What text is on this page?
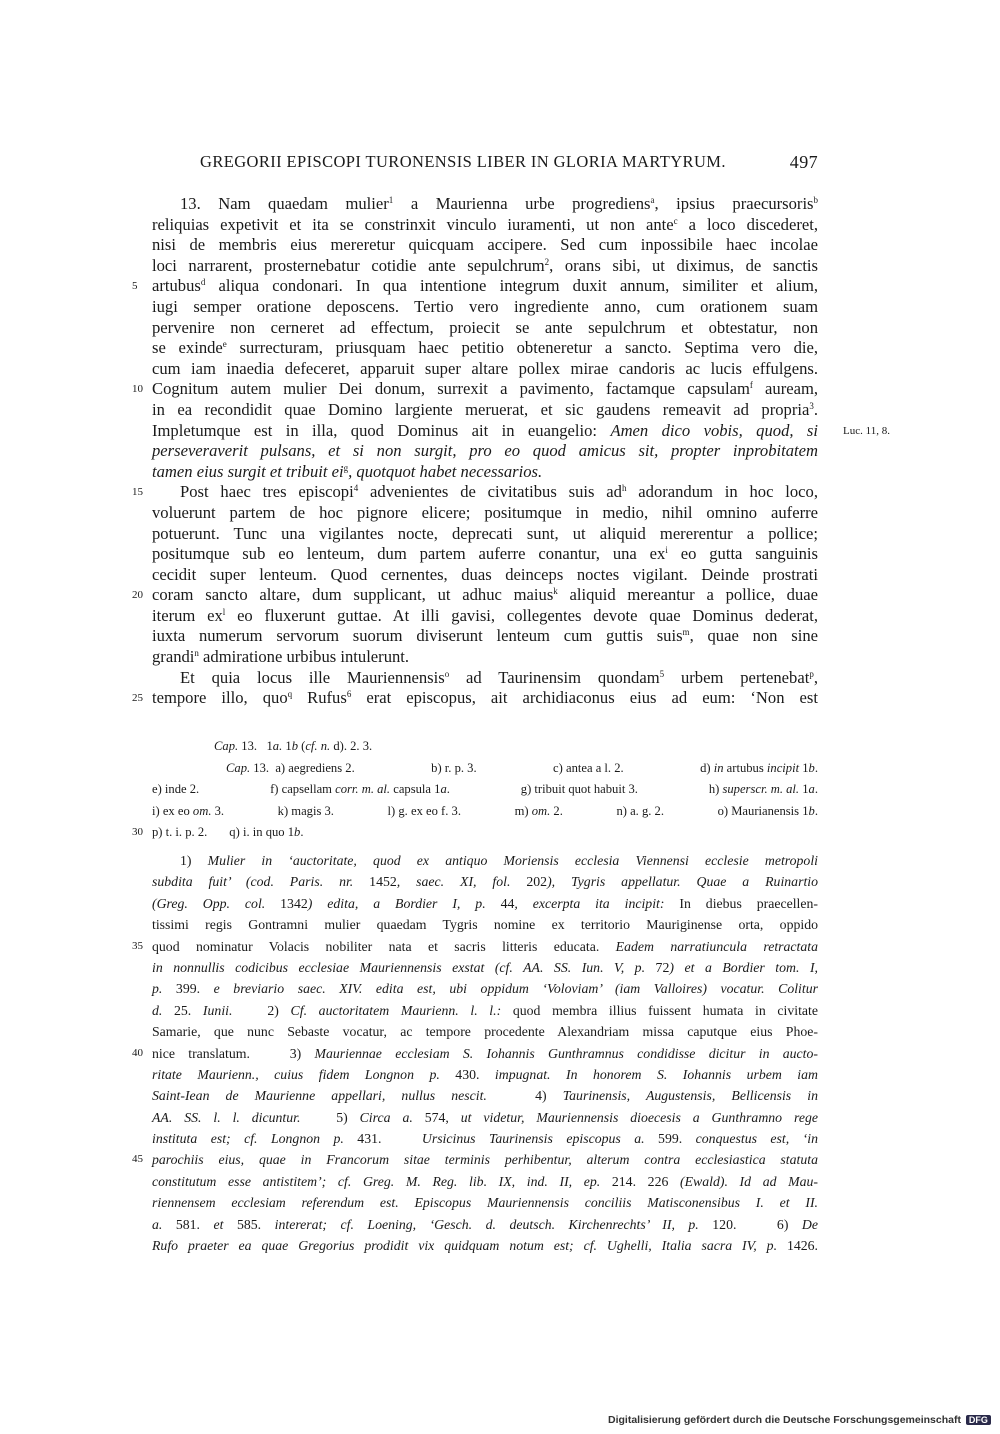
GREGORII EPISCOPI TURONENSIS LIBER IN GLORIA MARTYRUM.	497
13. Nam quaedam mulier$^1$ a Maurienna urbe progrediens$^a$, ipsius praecursoris$^b$
reliquias expetivit et ita se constrinxit vinculo iuramenti, ut non ante$^c$ a loco discederet,
nisi de membris eius mereretur quicquam accipere. Sed cum inpossibile haec incolae
loci narrarent, prosternebatur cotidie ante sepulchrum$^2$, orans sibi, ut diximus, de sanctis
5 artubus$^d$ aliqua condonari. In qua intentione integrum duxit annum, similiter et alium,
iugi semper oratione deposcens. Tertio vero ingrediente anno, cum orationem suam
pervenire non cerneret ad effectum, proiecit se ante sepulchrum et obtestatur, non
se exinde$^e$ surrecturam, priusquam haec petitio obteneretur a sancto. Septima vero die,
cum iam inaedia defeceret, apparuit super altare pollex mirae candoris ac lucis effulgens.
10 Cognitum autem mulier Dei donum, surrexit a pavimento, factamque capsulam$^f$ auream,
in ea recondidit quae Domino largiente meruerat, et sic gaudens remeavit ad propria$^3$.
Impletumque est in illa, quod Dominus ait in euangelio: Amen dico vobis, quod, si Luc. 11, 8.
perseveraverit pulsans, et si non surgit, pro eo quod amicus sit, propter inprobitatem
tamen eius surgit et tribuit $ei^g$, quotquot habet necessarios.
15	Post haec tres episcopi$^4$ advenientes de civitatibus suis $ad^h$ adorandum in hoc loco,
voluerunt partem de hoc pignore elicere; positumque in medio, nihil omnino auferre
potuerunt. Tunc una vigilantes nocte, deprecati sunt, ut aliquid mererentur a pollice;
positumque sub eo lenteum, dum partem auferre conantur, una $ex^i$ eo gutta sanguinis
cecidit super lenteum. Quod cernentes, duas deinceps noctes vigilant. Deinde prostrati
20 coram sancto altare, dum supplicant, ut adhuc maius$^k$ aliquid mereantur a pollice, duae
iterum $ex^l$ eo fluxerunt guttae. At illi gavisi, collegentes devote quae Dominus dederat,
iuxta numerum servorum suorum diviserunt lenteum cum guttis suis$^m$, quae non sine
grandi$^n$ admiratione urbibus intulerunt.
Et quia locus ille Mauriennensis$^o$ ad Taurinensim quondam$^5$ urbem pertenebat$^p$,
25 tempore illo, quo$^q$ Rufus$^6$ erat episcopus, ait archidiaconus eius ad eum: ‘Non est
Cap. 13.   1a. 1b (cf. n. d). 2. 3.
Cap. 13.  a) aegrediens 2.	b) r. p. 3.	c) antea a l. 2.	d) in artubus incipit 1b.
e) inde 2.	f) capsellam corr. m. al. capsula 1a.	g) tribuit quot habuit 3.	h) superscr. m. al. 1a.
i) ex eo om. 3.	k) magis 3.	l) g. ex eo f. 3.	m) om. 2.	n) a. g. 2.	o) Maurianensis 1b.
30 p) t. i. p. 2.       q) i. in quo 1b.
1) Mulier in ‘auctoritate, quod ex antiquo Moriensis ecclesia Viennensi ecclesie metropoli
subdita fuit’ (cod. Paris. nr. 1452, saec. XI, fol. 202), Tygris appellatur. Quae a Ruinartio
(Greg. Opp. col. 1342) edita, a Bordier I, p. 44, excerpta ita incipit: In diebus praecellen-
tissimi regis Gontramni mulier quaedam Tygris nomine ex territorio Mauriginense orta, oppido
35 quod nominatur Volacis nobiliter nata et sacris litteris educata. Eadem narratiuncula retractata
in nonnullis codicibus ecclesiae Mauriennensis exstat (cf. AA. SS. Iun. V, p. 72) et a Bordier tom. I,
p. 399. e breviario saec. XIV. edita est, ubi oppidum ‘Voloviam’ (iam Valloires) vocatur. Colitur
d. 25. Iunii.   2) Cf. auctoritatem Maurienn. l. l.: quod membra illius fuissent humata in civitate
Samarie, que nunc Sebaste vocatur, ac tempore procedente Alexandriam missa caputque eius Phoe-
40 nice translatum.   3) Mauriennae ecclesiam S. Iohannis Gunthramnus condidisse dicitur in aucto-
ritate Maurienn., cuius fidem Longnon p. 430. impugnat. In honorem S. Iohannis urbem iam
Saint-Iean de Maurienne appellari, nullus nescit.   4) Taurinensis, Augustensis, Bellicensis in
AA. SS. l. l. dicuntur.   5) Circa a. 574, ut videtur, Mauriennensis dioecesis a Gunthramno rege
instituta est; cf. Longnon p. 431.   Ursicinus Taurinensis episcopus a. 599. conquestus est, ‘in
45 parochiis eius, quae in Francorum sitae terminis perhibentur, alterum contra ecclesiastica statuta
constitutum esse antistitem’; cf. Greg. M. Reg. lib. IX, ind. II, ep. 214. 226 (Ewald). Id ad Mau-
riennensem ecclesiam referendum est. Episcopus Mauriennensis conciliis Matisconensibus I. et II.
a. 581. et 585. intererat; cf. Loening, ‘Gesch. d. deutsch. Kirchenrechts’ II, p. 120.   6) De
Rufo praeter ea quae Gregorius prodidit vix quidquam notum est; cf. Ughelli, Italia sacra IV, p. 1426.
Digitalisierung gefördert durch die Deutsche Forschungsgemeinschaft DFG
